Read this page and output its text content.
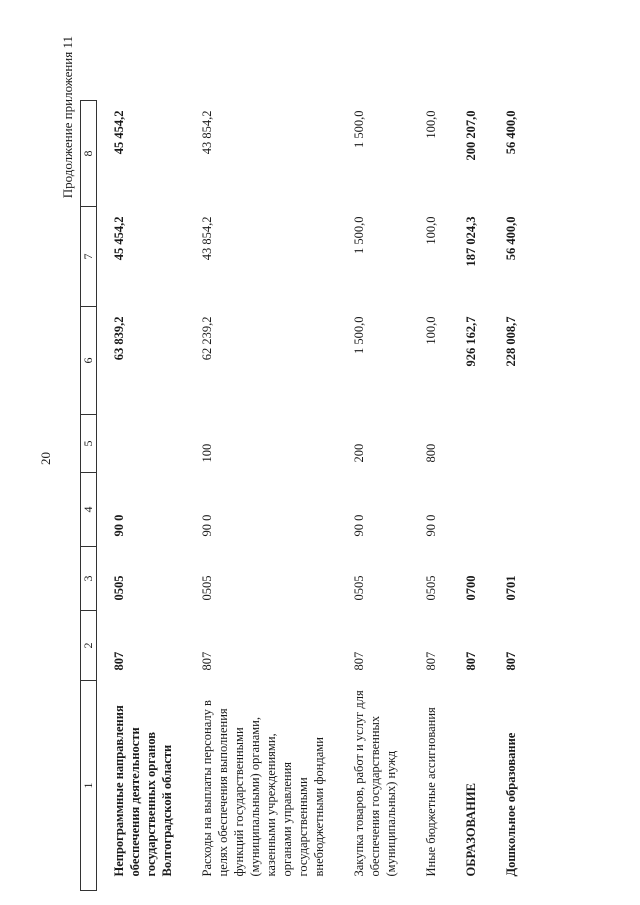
20
Продолжение приложения 11
1	2	3	4	5	6	7	8
Непрограммные направления обеспечения деятельности государственных органов Волгоградской области	807	0505	90 0		63 839,2	45 454,2	45 454,2
Расходы на выплаты персоналу в целях обеспечения выполнения функций государственными (муниципальными) органами, казенными учреждениями, органами управления государственными внебюджетными фондами	807	0505	90 0	100	62 239,2	43 854,2	43 854,2
Закупка товаров, работ и услуг для обеспечения государственных (муниципальных) нужд	807	0505	90 0	200	1 500,0	1 500,0	1 500,0
Иные бюджетные ассигнования	807	0505	90 0	800	100,0	100,0	100,0
ОБРАЗОВАНИЕ	807	0700			926 162,7	187 024,3	200 207,0
Дошкольное образование	807	0701			228 008,7	56 400,0	56 400,0
